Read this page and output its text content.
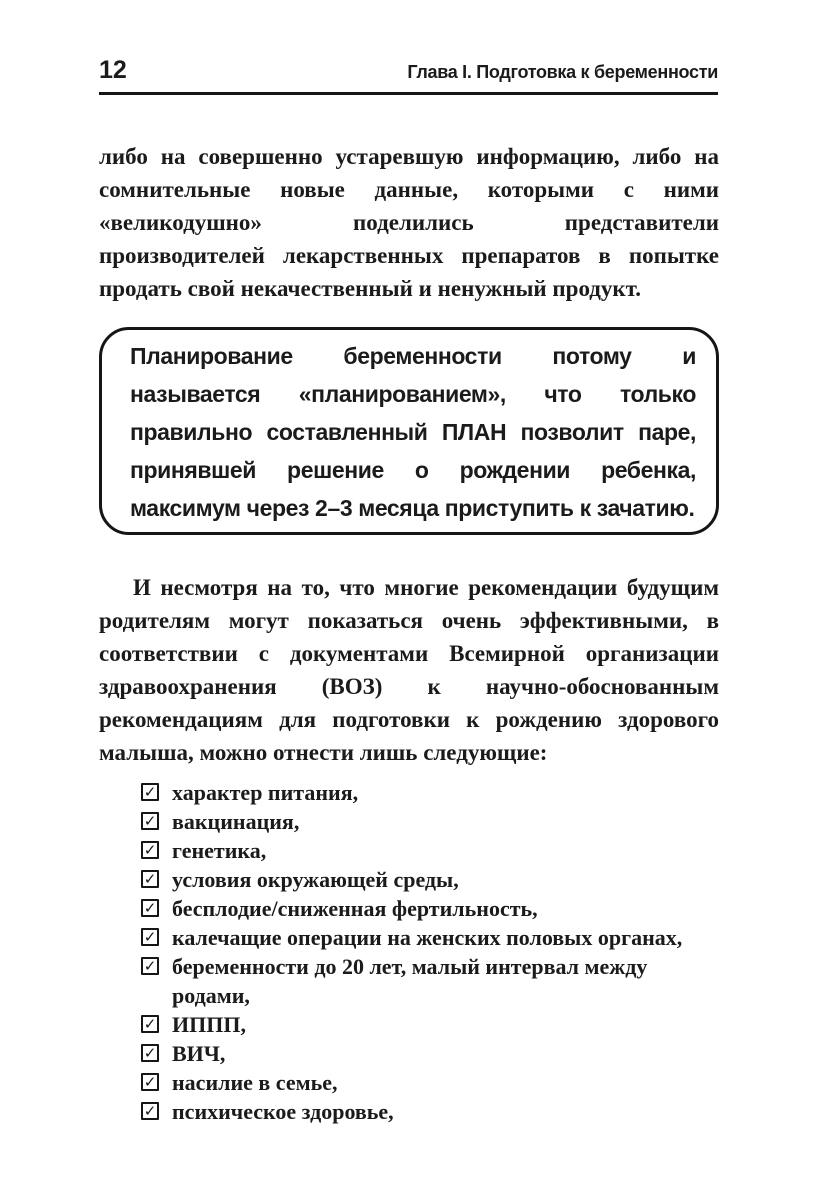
12	Глава I. Подготовка к беременности

либо на совершенно устаревшую информацию, либо на сомнительные новые данные, которыми с ними «великодушно» поделились представители производителей лекарственных препаратов в попытке продать свой некачественный и ненужный продукт.

Планирование беременности потому и называется «планированием», что только правильно составленный ПЛАН позволит паре, принявшей решение о рождении ребенка, максимум через 2–3 месяца приступить к зачатию.

И несмотря на то, что многие рекомендации будущим родителям могут показаться очень эффективными, в соответствии с документами Всемирной организации здравоохранения (ВОЗ) к научно-обоснованным рекомендациям для подготовки к рождению здорового малыша, можно отнести лишь следующие:

✓ характер питания,
✓ вакцинация,
✓ генетика,
✓ условия окружающей среды,
✓ бесплодие/сниженная фертильность,
✓ калечащие операции на женских половых органах,
✓ беременности до 20 лет, малый интервал между родами,
✓ ИППП,
✓ ВИЧ,
✓ насилие в семье,
✓ психическое здоровье,
